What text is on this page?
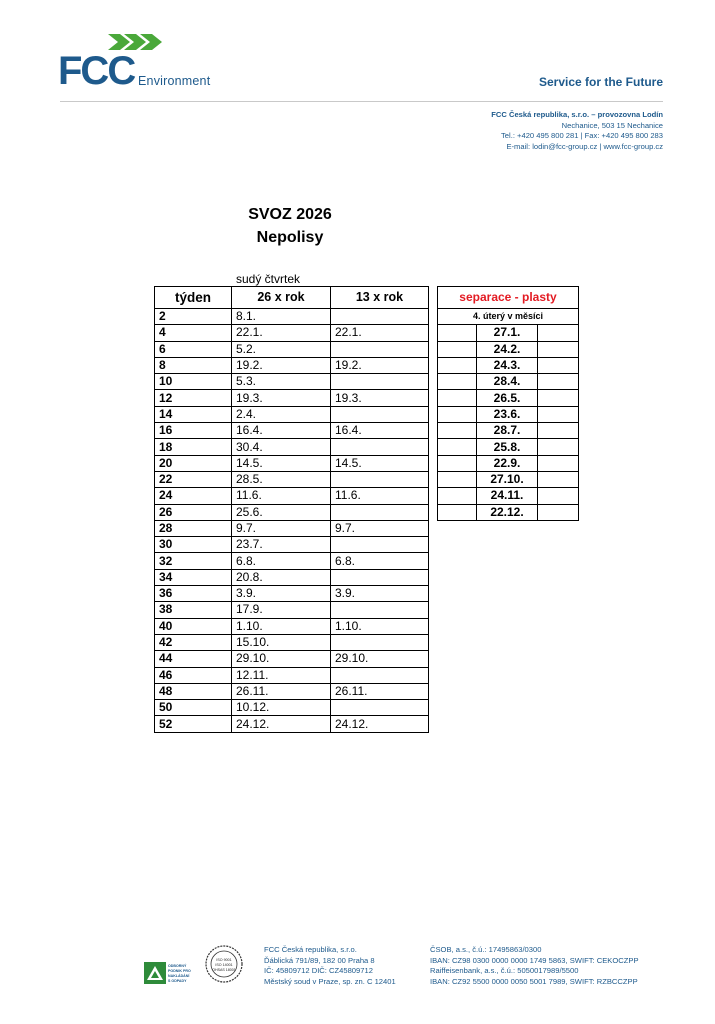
FCC Environment	Service for the Future
FCC Česká republika, s.r.o. – provozovna Lodín
Nechanice, 503 15 Nechanice
Tel.: +420 495 800 281 | Fax: +420 495 800 283
E-mail: lodin@fcc-group.cz | www.fcc-group.cz
SVOZ 2026
Nepolisy
sudý čtvrtek
týden	26 x rok	13 x rok
2	8.1.	
4	22.1.	22.1.
6	5.2.	
8	19.2.	19.2.
10	5.3.	
12	19.3.	19.3.
14	2.4.	
16	16.4.	16.4.
18	30.4.	
20	14.5.	14.5.
22	28.5.	
24	11.6.	11.6.
26	25.6.	
28	9.7.	9.7.
30	23.7.	
32	6.8.	6.8.
34	20.8.	
36	3.9.	3.9.
38	17.9.	
40	1.10.	1.10.
42	15.10.	
44	29.10.	29.10.
46	12.11.	
48	26.11.	26.11.
50	10.12.	
52	24.12.	24.12.
separace - plasty		
4. úterý v měsíci		
	27.1.	
	24.2.	
	24.3.	
	28.4.	
	26.5.	
	23.6.	
	28.7.	
	25.8.	
	22.9.	
	27.10.	
	24.11.	
	22.12.	
ODBORNÝ
PODNIK PRO
NAKLÁDÁNÍ
S ODPADY
ISO 9001
ISO 14001
OHSAS 18001
FCC Česká republika, s.r.o.
Ďáblická 791/89, 182 00 Praha 8
IČ: 45809712 DIČ: CZ45809712
Městský soud v Praze, sp. zn. C 12401
ČSOB, a.s., č.ú.: 17495863/0300
IBAN: CZ98 0300 0000 0000 1749 5863, SWIFT: CEKOCZPP
Raiffeisenbank, a.s., č.ú.: 5050017989/5500
IBAN: CZ92 5500 0000 0050 5001 7989, SWIFT: RZBCCZPP
